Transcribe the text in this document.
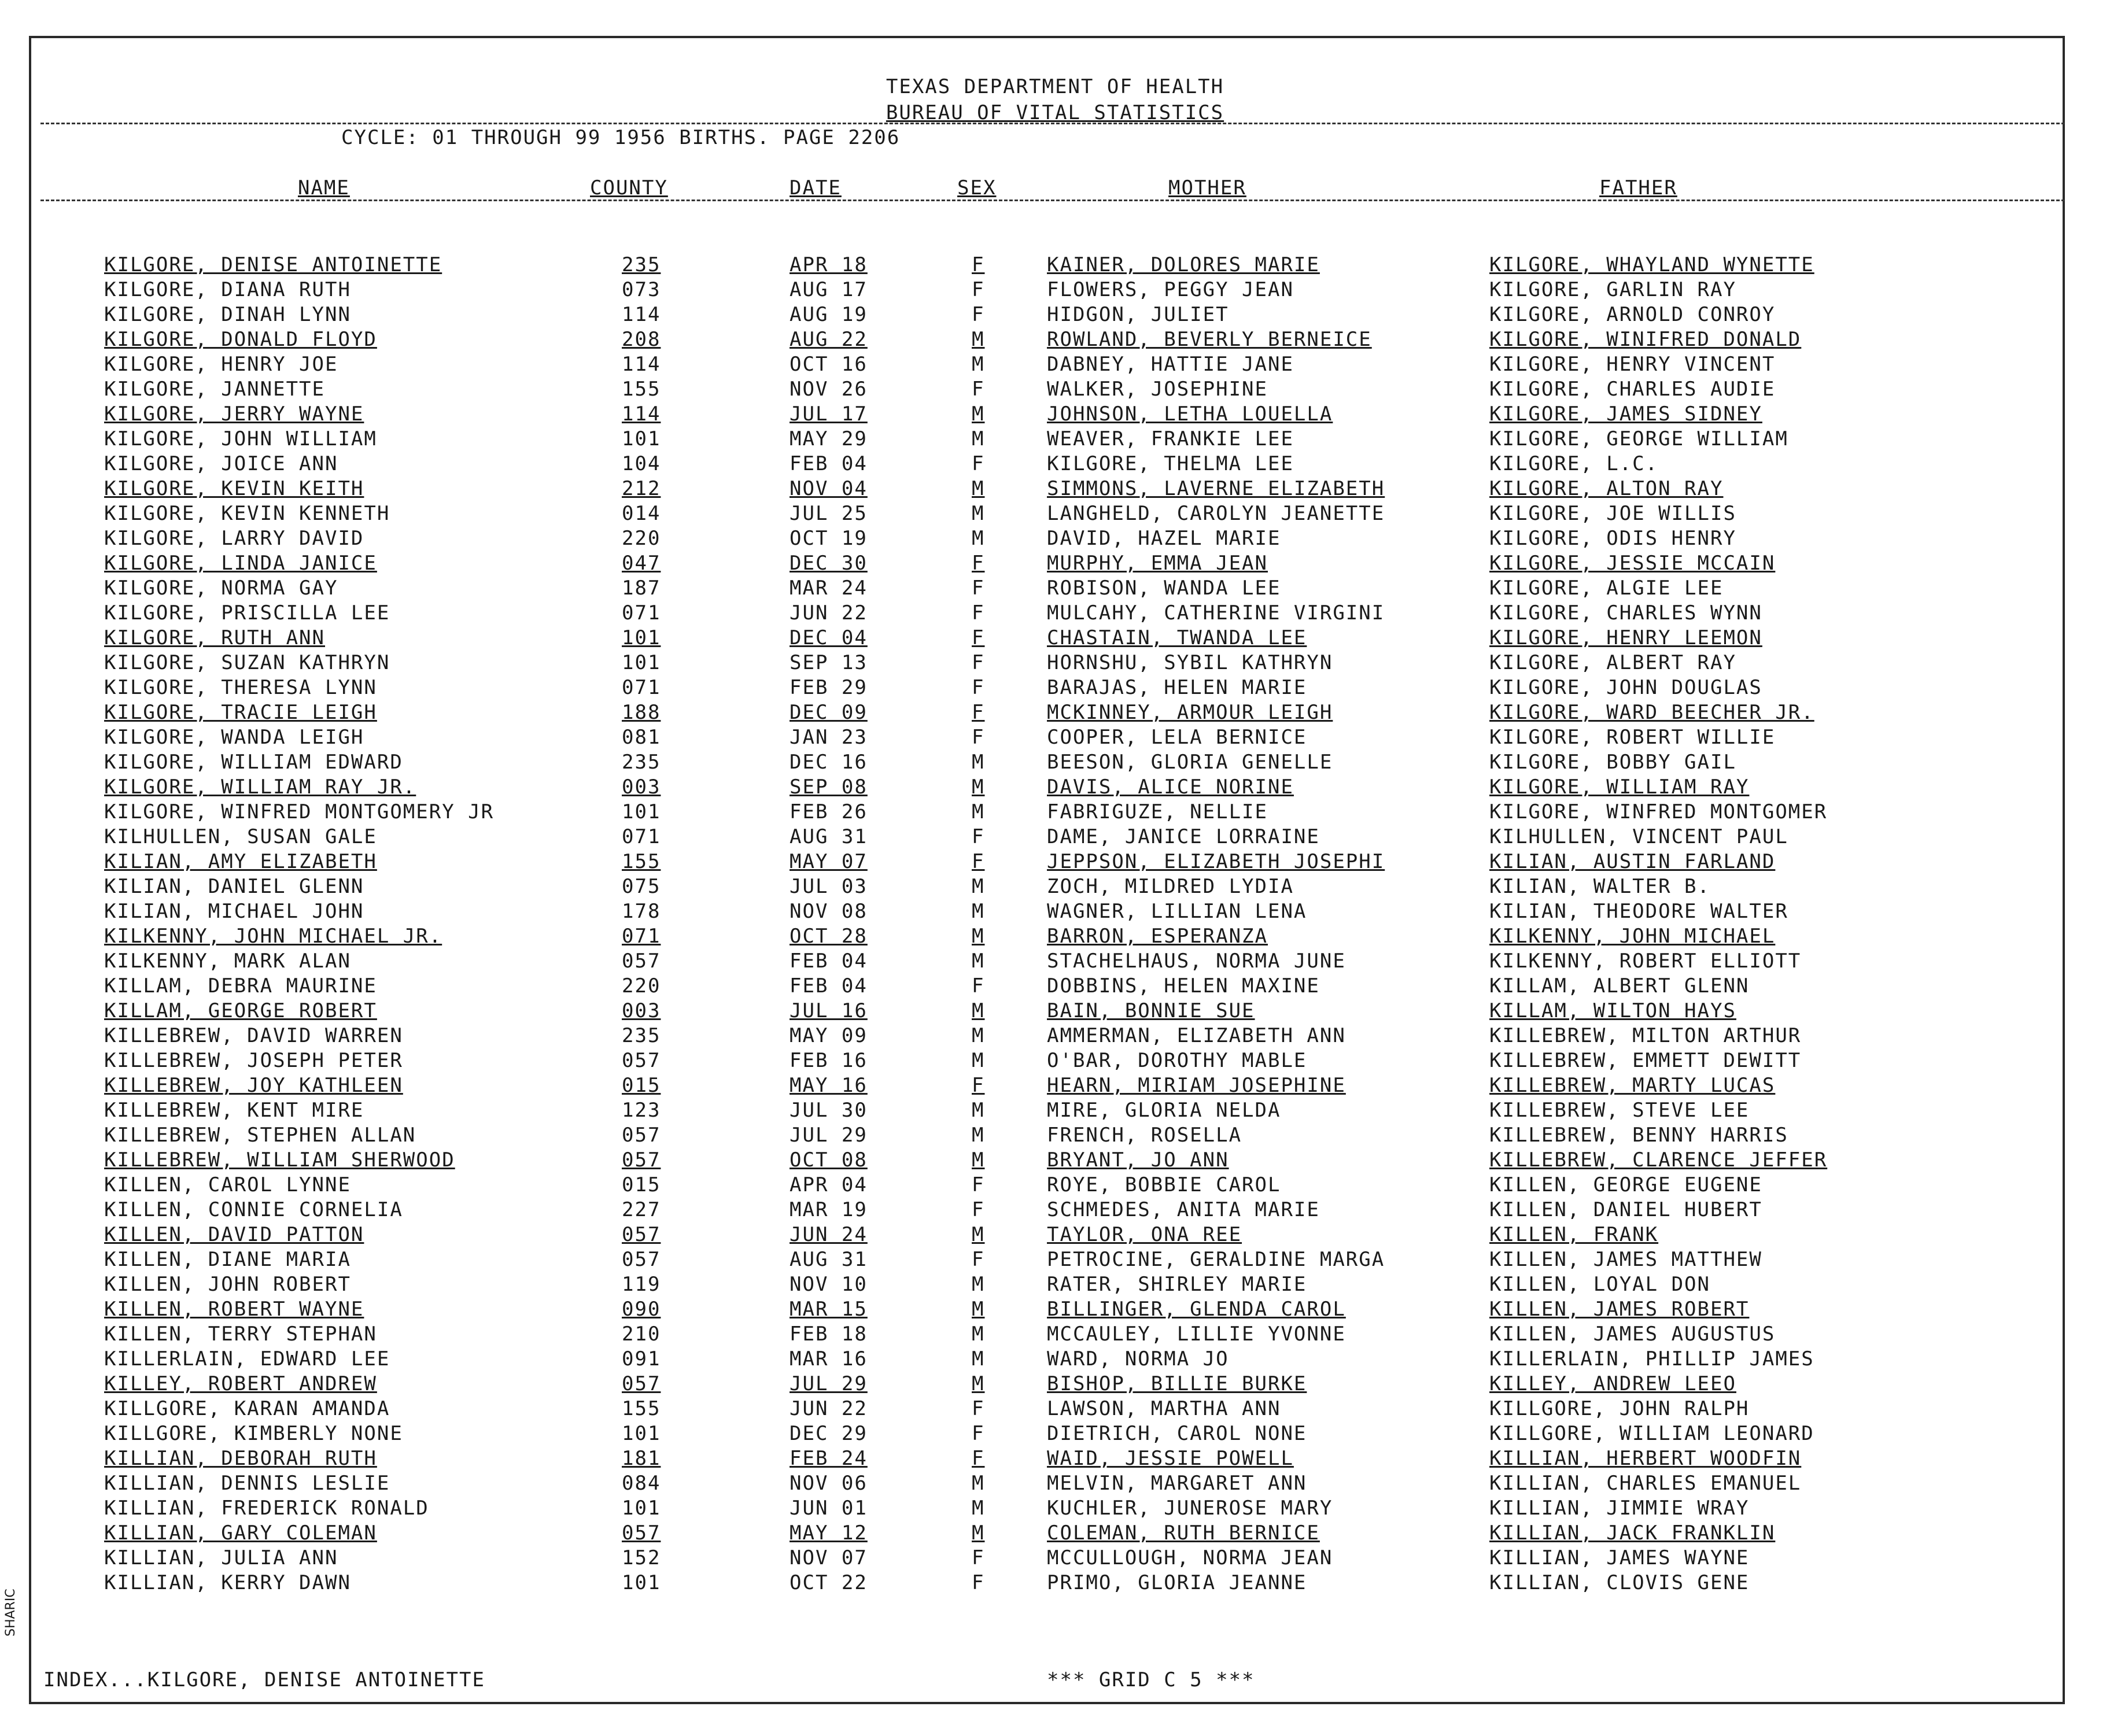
TEXAS DEPARTMENT OF HEALTH
BUREAU OF VITAL STATISTICS
CYCLE: 01 THROUGH 99 1956 BIRTHS. PAGE 2206
NAME	COUNTY	DATE	SEX	MOTHER	FATHER
KILGORE, DENISE ANTOINETTE	235	APR 18	F	KAINER, DOLORES MARIE	KILGORE, WHAYLAND WYNETTE
KILGORE, DIANA RUTH	073	AUG 17	F	FLOWERS, PEGGY JEAN	KILGORE, GARLIN RAY
KILGORE, DINAH LYNN	114	AUG 19	F	HIDGON, JULIET	KILGORE, ARNOLD CONROY
KILGORE, DONALD FLOYD	208	AUG 22	M	ROWLAND, BEVERLY BERNEICE	KILGORE, WINIFRED DONALD
KILGORE, HENRY JOE	114	OCT 16	M	DABNEY, HATTIE JANE	KILGORE, HENRY VINCENT
KILGORE, JANNETTE	155	NOV 26	F	WALKER, JOSEPHINE	KILGORE, CHARLES AUDIE
KILGORE, JERRY WAYNE	114	JUL 17	M	JOHNSON, LETHA LOUELLA	KILGORE, JAMES SIDNEY
KILGORE, JOHN WILLIAM	101	MAY 29	M	WEAVER, FRANKIE LEE	KILGORE, GEORGE WILLIAM
KILGORE, JOICE ANN	104	FEB 04	F	KILGORE, THELMA LEE	KILGORE, L.C.
KILGORE, KEVIN KEITH	212	NOV 04	M	SIMMONS, LAVERNE ELIZABETH	KILGORE, ALTON RAY
KILGORE, KEVIN KENNETH	014	JUL 25	M	LANGHELD, CAROLYN JEANETTE	KILGORE, JOE WILLIS
KILGORE, LARRY DAVID	220	OCT 19	M	DAVID, HAZEL MARIE	KILGORE, ODIS HENRY
KILGORE, LINDA JANICE	047	DEC 30	F	MURPHY, EMMA JEAN	KILGORE, JESSIE MCCAIN
KILGORE, NORMA GAY	187	MAR 24	F	ROBISON, WANDA LEE	KILGORE, ALGIE LEE
KILGORE, PRISCILLA LEE	071	JUN 22	F	MULCAHY, CATHERINE VIRGINI	KILGORE, CHARLES WYNN
KILGORE, RUTH ANN	101	DEC 04	F	CHASTAIN, TWANDA LEE	KILGORE, HENRY LEEMON
KILGORE, SUZAN KATHRYN	101	SEP 13	F	HORNSHU, SYBIL KATHRYN	KILGORE, ALBERT RAY
KILGORE, THERESA LYNN	071	FEB 29	F	BARAJAS, HELEN MARIE	KILGORE, JOHN DOUGLAS
KILGORE, TRACIE LEIGH	188	DEC 09	F	MCKINNEY, ARMOUR LEIGH	KILGORE, WARD BEECHER JR.
KILGORE, WANDA LEIGH	081	JAN 23	F	COOPER, LELA BERNICE	KILGORE, ROBERT WILLIE
KILGORE, WILLIAM EDWARD	235	DEC 16	M	BEESON, GLORIA GENELLE	KILGORE, BOBBY GAIL
KILGORE, WILLIAM RAY JR.	003	SEP 08	M	DAVIS, ALICE NORINE	KILGORE, WILLIAM RAY
KILGORE, WINFRED MONTGOMERY JR	101	FEB 26	M	FABRIGUZE, NELLIE	KILGORE, WINFRED MONTGOMER
KILHULLEN, SUSAN GALE	071	AUG 31	F	DAME, JANICE LORRAINE	KILHULLEN, VINCENT PAUL
KILIAN, AMY ELIZABETH	155	MAY 07	F	JEPPSON, ELIZABETH JOSEPHI	KILIAN, AUSTIN FARLAND
KILIAN, DANIEL GLENN	075	JUL 03	M	ZOCH, MILDRED LYDIA	KILIAN, WALTER B.
KILIAN, MICHAEL JOHN	178	NOV 08	M	WAGNER, LILLIAN LENA	KILIAN, THEODORE WALTER
KILKENNY, JOHN MICHAEL JR.	071	OCT 28	M	BARRON, ESPERANZA	KILKENNY, JOHN MICHAEL
KILKENNY, MARK ALAN	057	FEB 04	M	STACHELHAUS, NORMA JUNE	KILKENNY, ROBERT ELLIOTT
KILLAM, DEBRA MAURINE	220	FEB 04	F	DOBBINS, HELEN MAXINE	KILLAM, ALBERT GLENN
KILLAM, GEORGE ROBERT	003	JUL 16	M	BAIN, BONNIE SUE	KILLAM, WILTON HAYS
KILLEBREW, DAVID WARREN	235	MAY 09	M	AMMERMAN, ELIZABETH ANN	KILLEBREW, MILTON ARTHUR
KILLEBREW, JOSEPH PETER	057	FEB 16	M	O'BAR, DOROTHY MABLE	KILLEBREW, EMMETT DEWITT
KILLEBREW, JOY KATHLEEN	015	MAY 16	F	HEARN, MIRIAM JOSEPHINE	KILLEBREW, MARTY LUCAS
KILLEBREW, KENT MIRE	123	JUL 30	M	MIRE, GLORIA NELDA	KILLEBREW, STEVE LEE
KILLEBREW, STEPHEN ALLAN	057	JUL 29	M	FRENCH, ROSELLA	KILLEBREW, BENNY HARRIS
KILLEBREW, WILLIAM SHERWOOD	057	OCT 08	M	BRYANT, JO ANN	KILLEBREW, CLARENCE JEFFER
KILLEN, CAROL LYNNE	015	APR 04	F	ROYE, BOBBIE CAROL	KILLEN, GEORGE EUGENE
KILLEN, CONNIE CORNELIA	227	MAR 19	F	SCHMEDES, ANITA MARIE	KILLEN, DANIEL HUBERT
KILLEN, DAVID PATTON	057	JUN 24	M	TAYLOR, ONA REE	KILLEN, FRANK
KILLEN, DIANE MARIA	057	AUG 31	F	PETROCINE, GERALDINE MARGA	KILLEN, JAMES MATTHEW
KILLEN, JOHN ROBERT	119	NOV 10	M	RATER, SHIRLEY MARIE	KILLEN, LOYAL DON
KILLEN, ROBERT WAYNE	090	MAR 15	M	BILLINGER, GLENDA CAROL	KILLEN, JAMES ROBERT
KILLEN, TERRY STEPHAN	210	FEB 18	M	MCCAULEY, LILLIE YVONNE	KILLEN, JAMES AUGUSTUS
KILLERLAIN, EDWARD LEE	091	MAR 16	M	WARD, NORMA JO	KILLERLAIN, PHILLIP JAMES
KILLEY, ROBERT ANDREW	057	JUL 29	M	BISHOP, BILLIE BURKE	KILLEY, ANDREW LEEO
KILLGORE, KARAN AMANDA	155	JUN 22	F	LAWSON, MARTHA ANN	KILLGORE, JOHN RALPH
KILLGORE, KIMBERLY NONE	101	DEC 29	F	DIETRICH, CAROL NONE	KILLGORE, WILLIAM LEONARD
KILLIAN, DEBORAH RUTH	181	FEB 24	F	WAID, JESSIE POWELL	KILLIAN, HERBERT WOODFIN
KILLIAN, DENNIS LESLIE	084	NOV 06	M	MELVIN, MARGARET ANN	KILLIAN, CHARLES EMANUEL
KILLIAN, FREDERICK RONALD	101	JUN 01	M	KUCHLER, JUNEROSE MARY	KILLIAN, JIMMIE WRAY
KILLIAN, GARY COLEMAN	057	MAY 12	M	COLEMAN, RUTH BERNICE	KILLIAN, JACK FRANKLIN
KILLIAN, JULIA ANN	152	NOV 07	F	MCCULLOUGH, NORMA JEAN	KILLIAN, JAMES WAYNE
KILLIAN, KERRY DAWN	101	OCT 22	F	PRIMO, GLORIA JEANNE	KILLIAN, CLOVIS GENE
INDEX...KILGORE, DENISE ANTOINETTE	*** GRID C 5 ***
SHARIC
